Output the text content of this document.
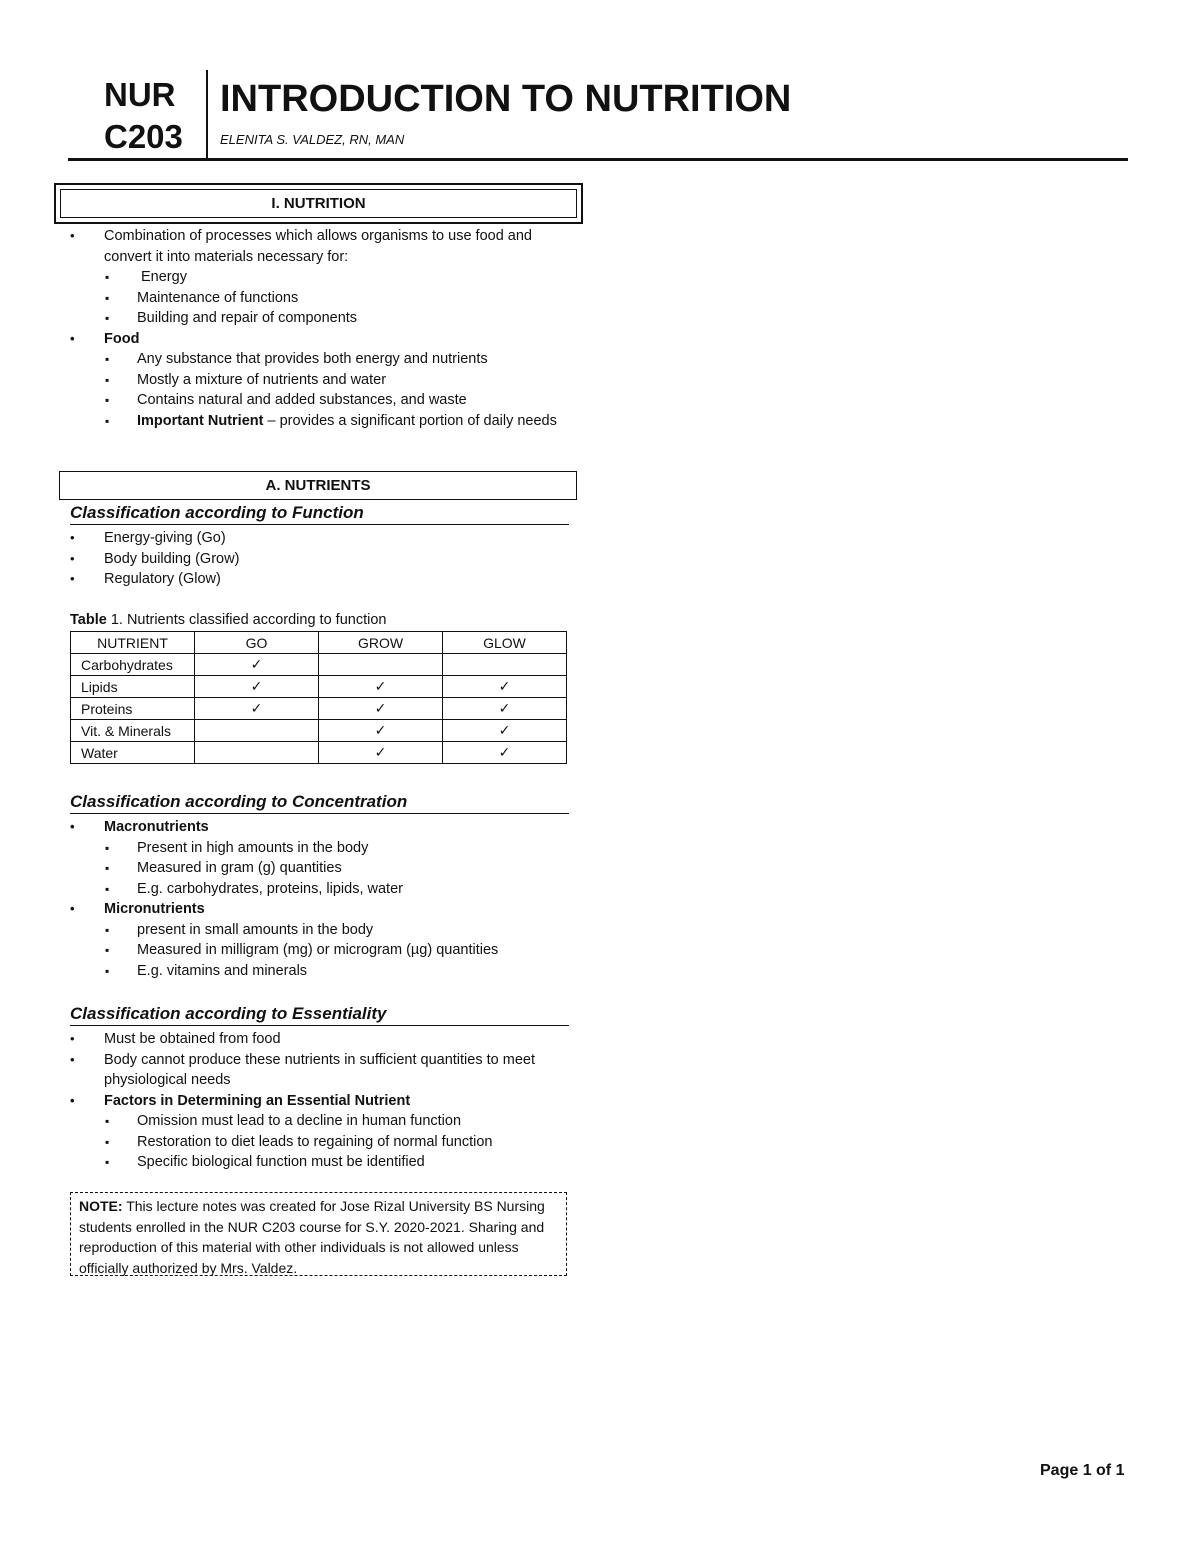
NUR
C203
INTRODUCTION TO NUTRITION
ELENITA S. VALDEZ, RN, MAN
I. NUTRITION
• Combination of processes which allows organisms to use food and convert it into materials necessary for:
▪ Energy
▪ Maintenance of functions
▪ Building and repair of components
• Food
▪ Any substance that provides both energy and nutrients
▪ Mostly a mixture of nutrients and water
▪ Contains natural and added substances, and waste
▪ Important Nutrient – provides a significant portion of daily needs
A. NUTRIENTS
Classification according to Function
• Energy-giving (Go)
• Body building (Grow)
• Regulatory (Glow)
Table 1. Nutrients classified according to function
NUTRIENT	GO	GROW	GLOW
Carbohydrates	✓		
Lipids	✓	✓	✓
Proteins	✓	✓	✓
Vit. & Minerals		✓	✓
Water		✓	✓
Classification according to Concentration
• Macronutrients
▪ Present in high amounts in the body
▪ Measured in gram (g) quantities
▪ E.g. carbohydrates, proteins, lipids, water
• Micronutrients
▪ present in small amounts in the body
▪ Measured in milligram (mg) or microgram (µg) quantities
▪ E.g. vitamins and minerals
Classification according to Essentiality
• Must be obtained from food
• Body cannot produce these nutrients in sufficient quantities to meet physiological needs
• Factors in Determining an Essential Nutrient
▪ Omission must lead to a decline in human function
▪ Restoration to diet leads to regaining of normal function
▪ Specific biological function must be identified
NOTE: This lecture notes was created for Jose Rizal University BS Nursing students enrolled in the NUR C203 course for S.Y. 2020-2021. Sharing and reproduction of this material with other individuals is not allowed unless officially authorized by Mrs. Valdez.
Page 1 of 1
